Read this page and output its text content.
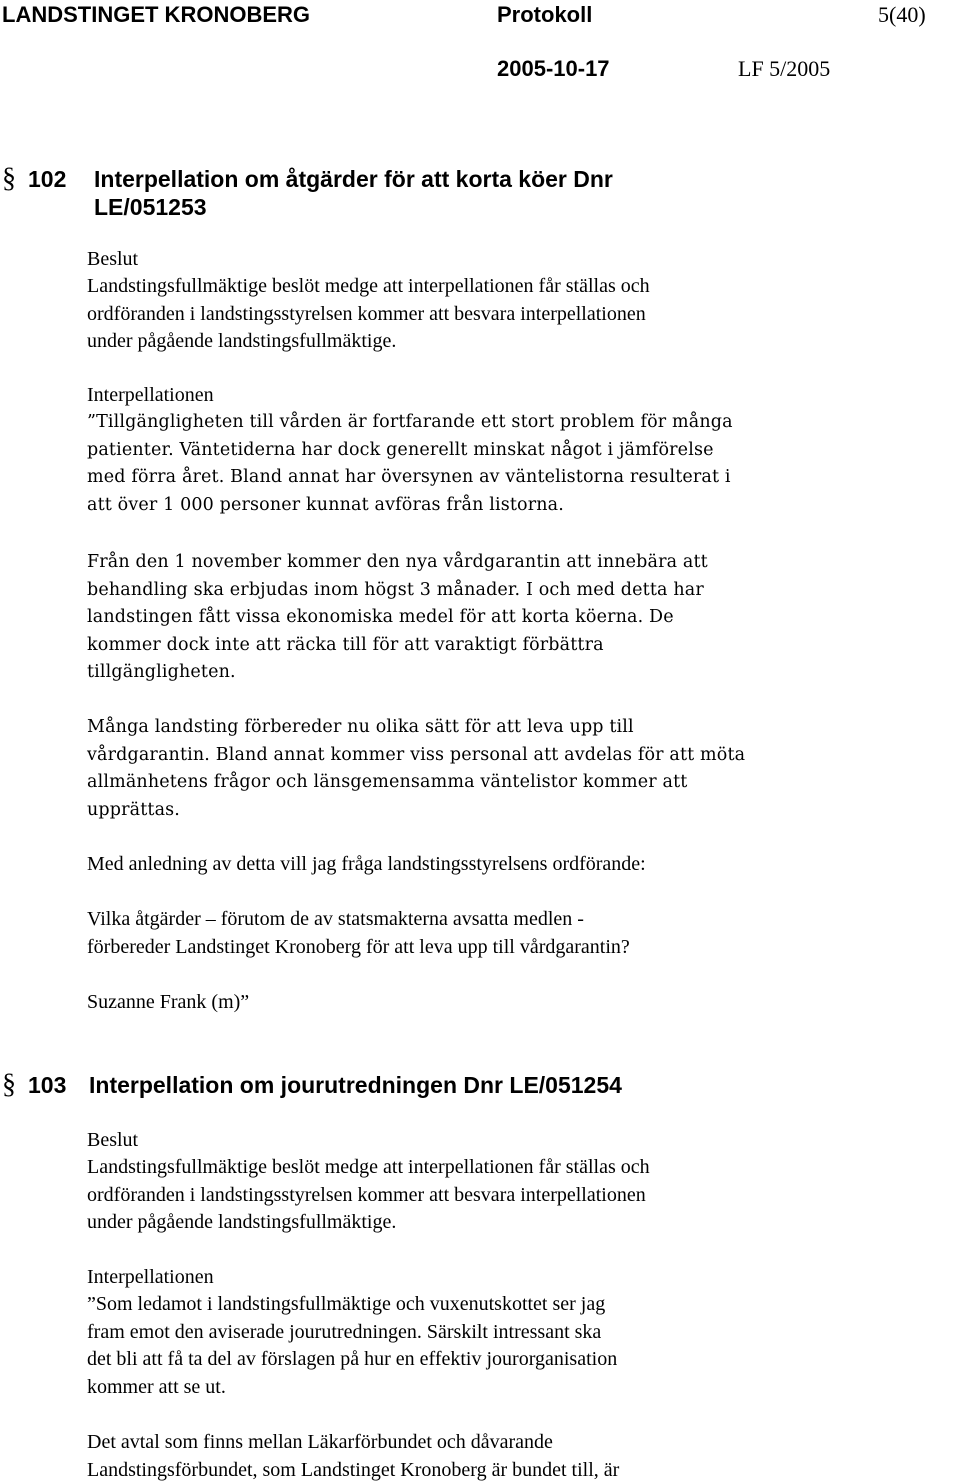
LANDSTINGET KRONOBERG	Protokoll	5(40)
2005-10-17	LF 5/2005
§ 102 Interpellation om åtgärder för att korta köer Dnr
LE/051253
Beslut
Landstingsfullmäktige beslöt medge att interpellationen får ställas och
ordföranden i landstingsstyrelsen kommer att besvara interpellationen
under pågående landstingsfullmäktige.
Interpellationen
”Tillgängligheten till vården är fortfarande ett stort problem för många
patienter. Väntetiderna har dock generellt minskat något i jämförelse
med förra året. Bland annat har översynen av väntelistorna resulterat i
att över 1 000 personer kunnat avföras från listorna.
Från den 1 november kommer den nya vårdgarantin att innebära att
behandling ska erbjudas inom högst 3 månader. I och med detta har
landstingen fått vissa ekonomiska medel för att korta köerna. De
kommer dock inte att räcka till för att varaktigt förbättra
tillgängligheten.
Många landsting förbereder nu olika sätt för att leva upp till
vårdgarantin. Bland annat kommer viss personal att avdelas för att möta
allmänhetens frågor och länsgemensamma väntelistor kommer att
upprättas.
Med anledning av detta vill jag fråga landstingsstyrelsens ordförande:
Vilka åtgärder – förutom de av statsmakterna avsatta medlen -
förbereder Landstinget Kronoberg för att leva upp till vårdgarantin?
Suzanne Frank (m)”
§ 103 Interpellation om jourutredningen Dnr LE/051254
Beslut
Landstingsfullmäktige beslöt medge att interpellationen får ställas och
ordföranden i landstingsstyrelsen kommer att besvara interpellationen
under pågående landstingsfullmäktige.
Interpellationen
”Som ledamot i landstingsfullmäktige och vuxenutskottet ser jag
fram emot den aviserade jourutredningen. Särskilt intressant ska
det bli att få ta del av förslagen på hur en effektiv jourorganisation
kommer att se ut.
Det avtal som finns mellan Läkarförbundet och dåvarande
Landstingsförbundet, som Landstinget Kronoberg är bundet till, är
